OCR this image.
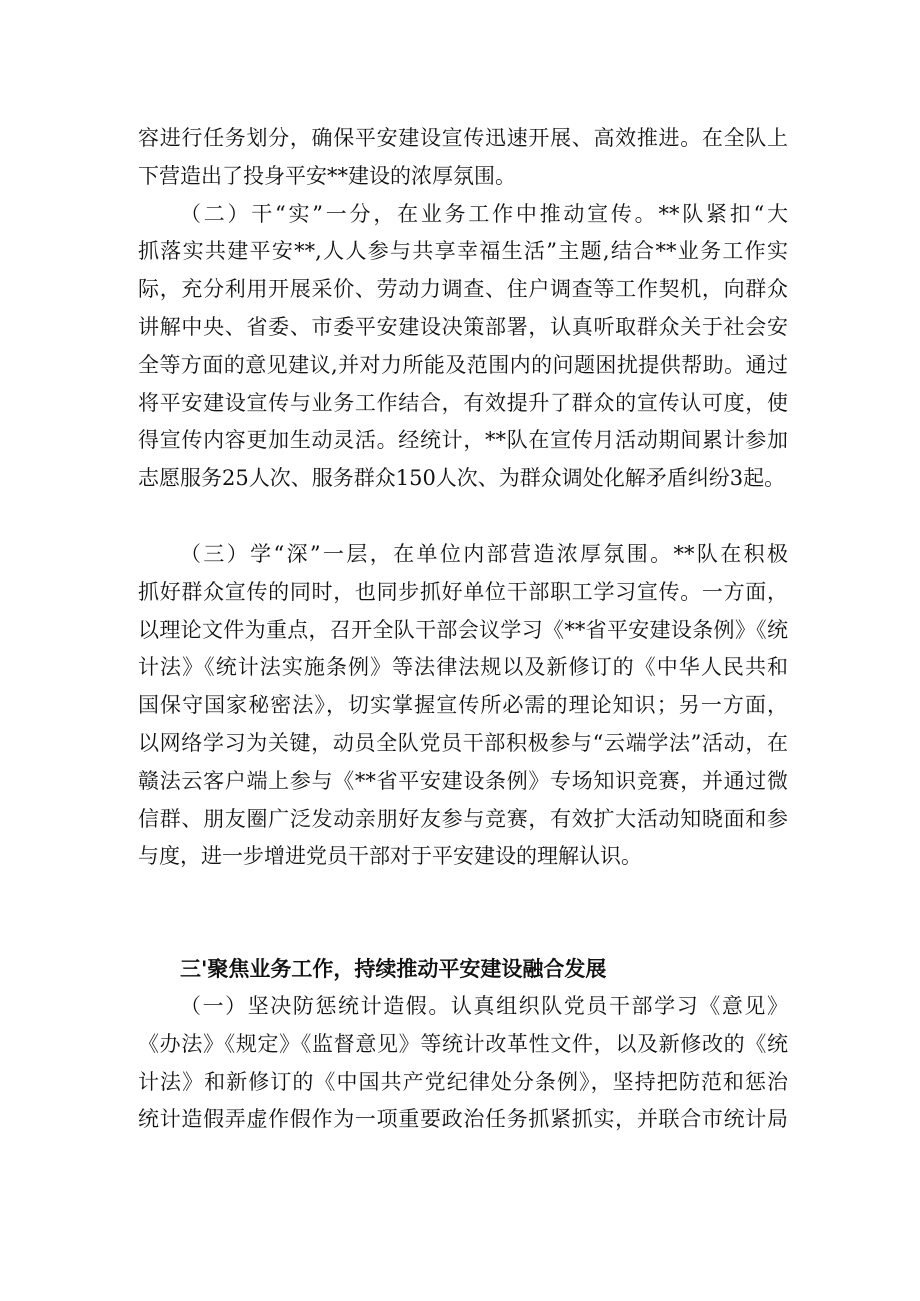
容进行任务划分，确保平安建设宣传迅速开展、高效推进。在全队上
下营造出了投身平安**建设的浓厚氛围。
（二）干“实”一分，在业务工作中推动宣传。**队紧扣“大
抓落实共建平安**,人人参与共享幸福生活”主题,结合**业务工作实
际，充分利用开展采价、劳动力调查、住户调查等工作契机，向群众
讲解中央、省委、市委平安建设决策部署，认真听取群众关于社会安
全等方面的意见建议,并对力所能及范围内的问题困扰提供帮助。通过
将平安建设宣传与业务工作结合，有效提升了群众的宣传认可度，使
得宣传内容更加生动灵活。经统计，**队在宣传月活动期间累计参加
志愿服务25人次、服务群众150人次、为群众调处化解矛盾纠纷3起。
（三）学“深”一层，在单位内部营造浓厚氛围。**队在积极
抓好群众宣传的同时，也同步抓好单位干部职工学习宣传。一方面，
以理论文件为重点，召开全队干部会议学习《**省平安建设条例》《统
计法》《统计法实施条例》等法律法规以及新修订的《中华人民共和
国保守国家秘密法》，切实掌握宣传所必需的理论知识；另一方面，
以网络学习为关键，动员全队党员干部积极参与“云端学法”活动，在
赣法云客户端上参与《**省平安建设条例》专场知识竞赛，并通过微
信群、朋友圈广泛发动亲朋好友参与竞赛，有效扩大活动知晓面和参
与度，进一步增进党员干部对于平安建设的理解认识。
三'聚焦业务工作，持续推动平安建设融合发展
（一）坚决防惩统计造假。认真组织队党员干部学习《意见》
《办法》《规定》《监督意见》等统计改革性文件，以及新修改的《统
计法》和新修订的《中国共产党纪律处分条例》，坚持把防范和惩治
统计造假弄虚作假作为一项重要政治任务抓紧抓实，并联合市统计局
